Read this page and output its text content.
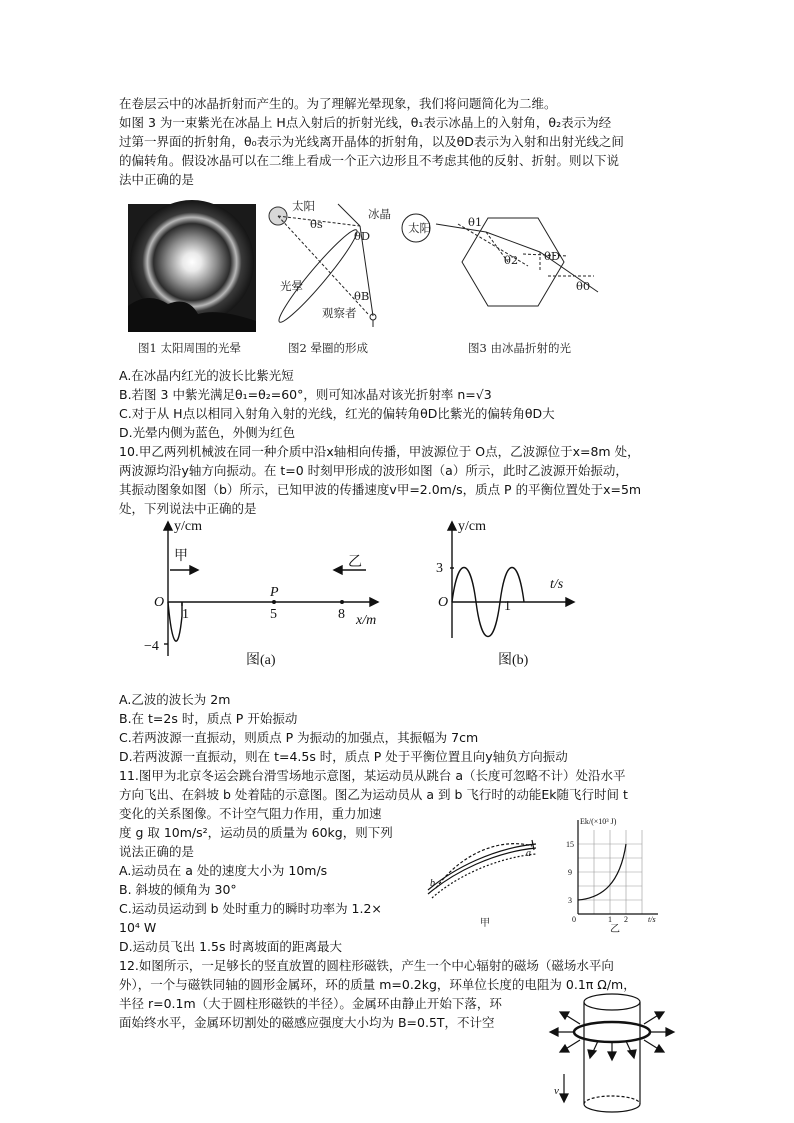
在卷层云中的冰晶折射而产生的。为了理解光晕现象，我们将问题简化为二维。
如图 3 为一束紫光在冰晶上 H点入射后的折射光线，θ₁表示冰晶上的入射角，θ₂表示为经
过第一界面的折射角，θ₀表示为光线离开晶体的折射角，以及θD表示为入射和出射光线之间
的偏转角。假设冰晶可以在二维上看成一个正六边形且不考虑其他的反射、折射。则以下说
法中正确的是
图1 太阳周围的光晕
太阳
冰晶
θs
θD
光晕
θB
观察者
图2 晕圈的形成
太阳	θ1
θ2 θD
θ0
图3 由冰晶折射的光
A.在冰晶内红光的波长比紫光短
B.若图 3 中紫光满足θ₁=θ₂=60°，则可知冰晶对该光折射率 n=√3
C.对于从 H点以相同入射角入射的光线，红光的偏转角θD比紫光的偏转角θD大
D.光晕内侧为蓝色，外侧为红色
10.甲乙两列机械波在同一种介质中沿x轴相向传播，甲波源位于 O点，乙波源位于x=8m 处，
两波源均沿y轴方向振动。在 t=0 时刻甲形成的波形如图（a）所示，此时乙波源开始振动，
其振动图象如图（b）所示，已知甲波的传播速度v甲=2.0m/s，质点 P 的平衡位置处于x=5m
处，下列说法中正确的是
y/cm
甲	乙
O
1
P
5	8 x/m
−4
图(a)
y/cm
3
t/s
O	1
图(b)
A.乙波的波长为 2m
B.在 t=2s 时，质点 P 开始振动
C.若两波源一直振动，则质点 P 为振动的加强点，其振幅为 7cm
D.若两波源一直振动，则在 t=4.5s 时，质点 P 处于平衡位置且向y轴负方向振动
11.图甲为北京冬运会跳台滑雪场地示意图，某运动员从跳台 a（长度可忽略不计）处沿水平
方向飞出、在斜坡 b 处着陆的示意图。图乙为运动员从 a 到 b 飞行时的动能Ek随飞行时间 t
变化的关系图像。不计空气阻力作用，重力加速
度 g 取 10m/s²，运动员的质量为 60kg，则下列
说法正确的是
A.运动员在 a 处的速度大小为 10m/s
B. 斜坡的倾角为 30°
C.运动员运动到 b 处时重力的瞬时功率为 1.2×
10⁴ W
D.运动员飞出 1.5s 时离坡面的距离最大
b
a
甲
Ek/(×10³ J)
15
9
3
0	1 2	t/s
乙
12.如图所示，一足够长的竖直放置的圆柱形磁铁，产生一个中心辐射的磁场（磁场水平向
外），一个与磁铁同轴的圆形金属环，环的质量 m=0.2kg，环单位长度的电阻为 0.1π Ω/m，
半径 r=0.1m（大于圆柱形磁铁的半径）。金属环由静止开始下落，环
面始终水平，金属环切割处的磁感应强度大小均为 B=0.5T，不计空
v
